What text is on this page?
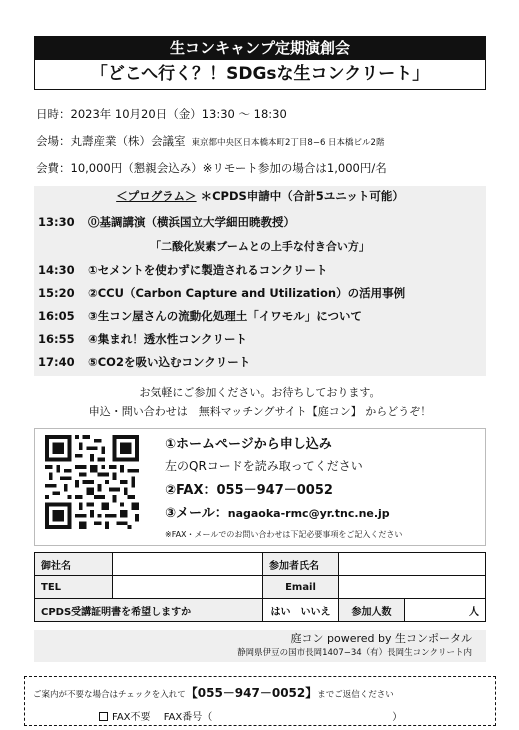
生コンキャンプ定期演創会
「どこへ行く？！SDGsな生コンクリート」
日時：2023年 10月20日（金）13:30 ～ 18:30
会場：丸壽産業（株）会議室 東京都中央区日本橋本町2丁目8−6 日本橋ビル2階
会費：10,000円（懇親会込み）※リモート参加の場合は1,000円/名
＜プログラム＞ ＊CPDS申請中（合計5ユニット可能）
13:30 ⓪基調講演（横浜国立大学細田暁教授）
「二酸化炭素ブームとの上手な付き合い方」
14:30 ①セメントを使わずに製造されるコンクリート
15:20 ②CCU（Carbon Capture and Utilization）の活用事例
16:05 ③生コン屋さんの流動化処理土「イワモル」について
16:55 ④集まれ！透水性コンクリート
17:40 ⑤CO2を吸い込むコンクリート
お気軽にご参加ください。お待ちしております。
申込・問い合わせは　無料マッチングサイト【庭コン】 からどうぞ！
①ホームページから申し込み
左のQRコードを読み取ってください
②FAX：055－947－0052
③メール：nagaoka-rmc@yr.tnc.ne.jp
※FAX・メールでのお問い合わせは下記必要事項をご記入ください
御社名		参加者氏名		
TEL		Email		
CPDS受講証明書を希望しますか		はい　いいえ	参加人数	人
庭コン powered by 生コンポータル
静岡県伊豆の国市長岡1407−34（有）長岡生コンクリート内
ご案内が不要な場合はチェックを入れて【055－947－0052】までご返信ください
FAX不要 FAX番号（	）
